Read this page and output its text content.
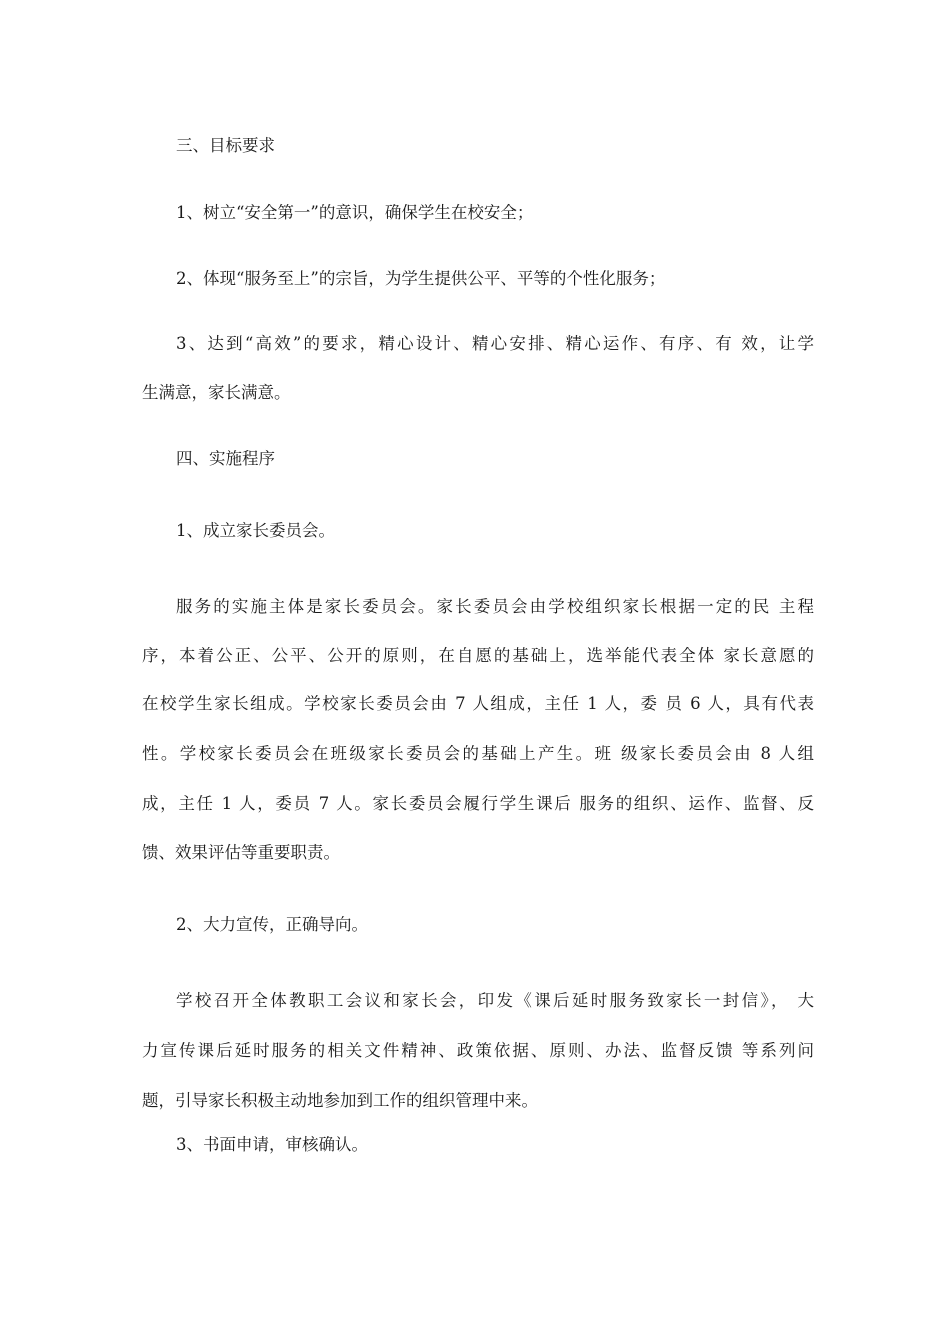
三、目标要求
1、树立“安全第一”的意识，确保学生在校安全；
2、体现“服务至上”的宗旨，为学生提供公平、平等的个性化服务；
3、达到“高效”的要求，精心设计、精心安排、精心运作、有序、有 效，让学
生满意，家长满意。
四、实施程序
1、成立家长委员会。
服务的实施主体是家长委员会。家长委员会由学校组织家长根据一定的民 主程
序，本着公正、公平、公开的原则，在自愿的基础上，选举能代表全体 家长意愿的
在校学生家长组成。学校家长委员会由 7 人组成，主任 1 人，委 员 6 人，具有代表
性。学校家长委员会在班级家长委员会的基础上产生。班 级家长委员会由 8 人组
成，主任 1 人，委员 7 人。家长委员会履行学生课后 服务的组织、运作、监督、反
馈、效果评估等重要职责。
2、大力宣传，正确导向。
学校召开全体教职工会议和家长会，印发《课后延时服务致家长一封信》， 大
力宣传课后延时服务的相关文件精神、政策依据、原则、办法、监督反馈 等系列问
题，引导家长积极主动地参加到工作的组织管理中来。
3、书面申请，审核确认。
